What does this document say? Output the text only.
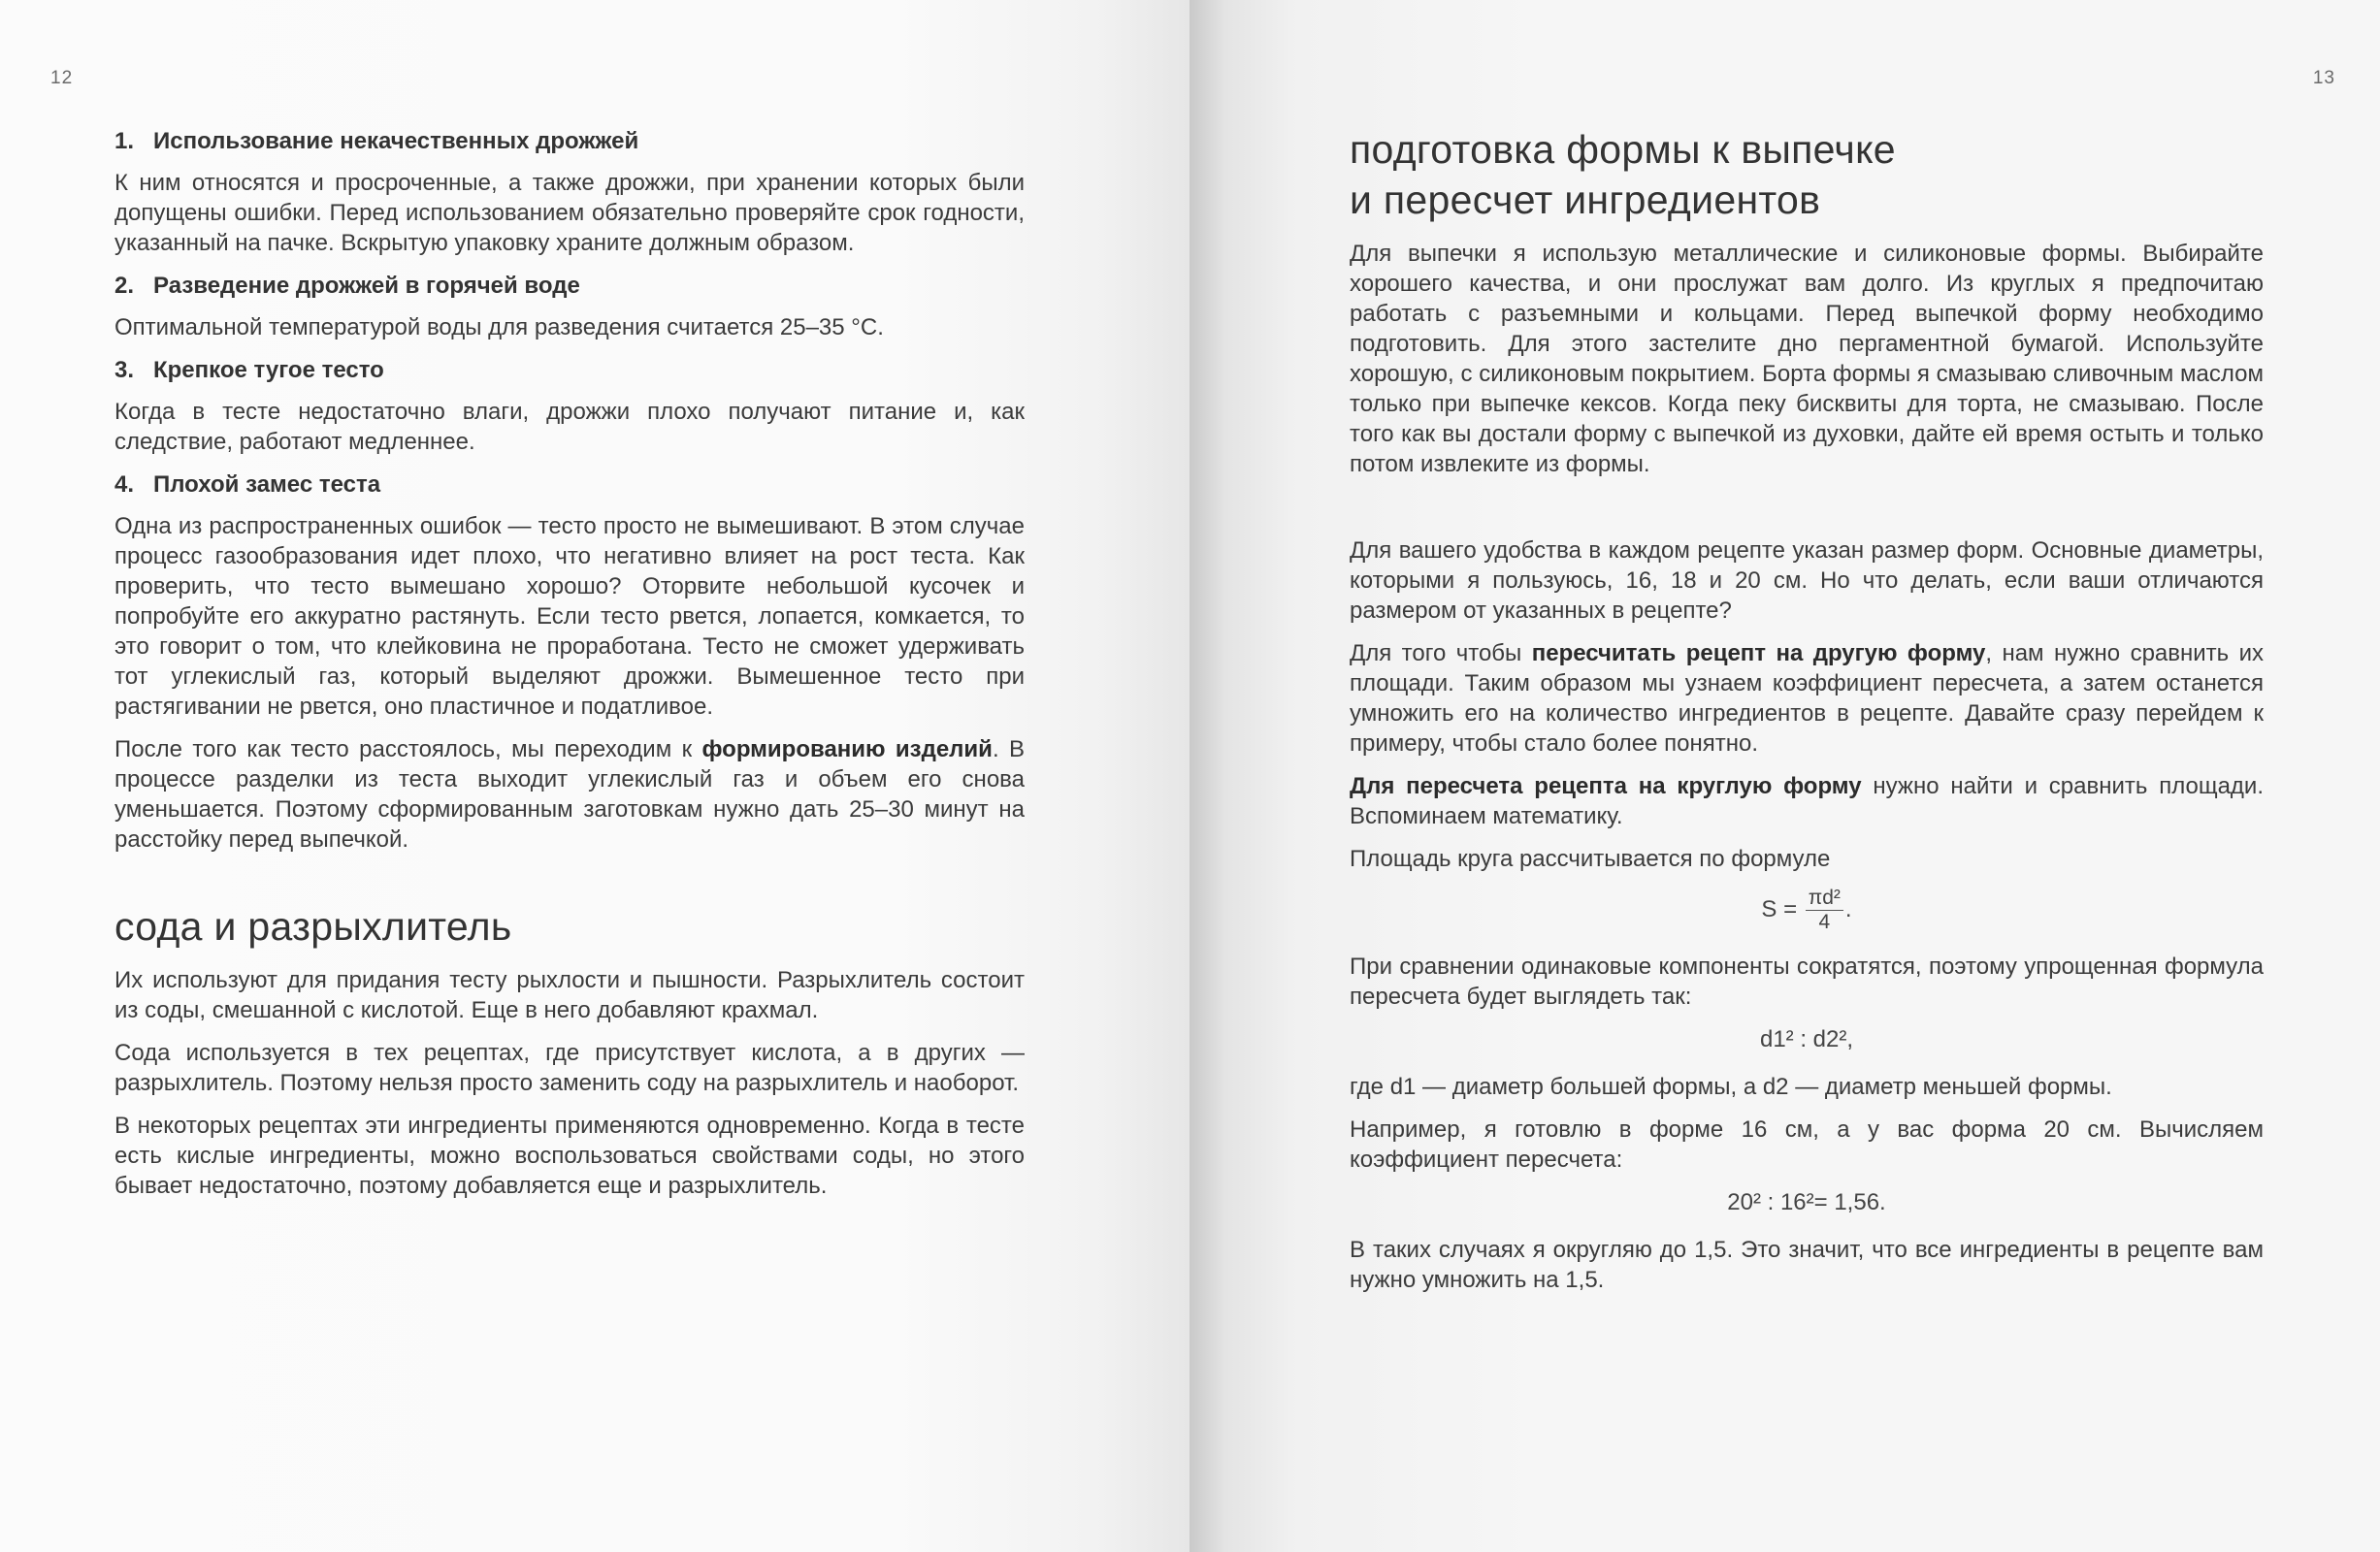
12
1. Использование некачественных дрожжей

К ним относятся и просроченные, а также дрожжи, при хранении которых были допущены ошибки. Перед использованием обязательно проверяйте срок годности, указанный на пачке. Вскрытую упаковку храните должным образом.

2. Разведение дрожжей в горячей воде

Оптимальной температурой воды для разведения считается 25–35 °С.

3. Крепкое тугое тесто

Когда в тесте недостаточно влаги, дрожжи плохо получают питание и, как следствие, работают медленнее.

4. Плохой замес теста

Одна из распространенных ошибок — тесто просто не вымешивают. В этом случае процесс газообразования идет плохо, что негативно влияет на рост теста. Как проверить, что тесто вымешано хорошо? Оторвите небольшой кусочек и попробуйте его аккуратно растянуть. Если тесто рвется, лопается, комкается, то это говорит о том, что клейковина не проработана. Тесто не сможет удерживать тот углекислый газ, который выделяют дрожжи. Вымешенное тесто при растягивании не рвется, оно пластичное и податливое.

После того как тесто расстоялось, мы переходим к формированию изделий. В процессе разделки из теста выходит углекислый газ и объем его снова уменьшается. Поэтому сформированным заготовкам нужно дать 25–30 минут на расстойку перед выпечкой.

сода и разрыхлитель

Их используют для придания тесту рыхлости и пышности. Разрыхлитель состоит из соды, смешанной с кислотой. Еще в него добавляют крахмал.

Сода используется в тех рецептах, где присутствует кислота, а в других — разрыхлитель. Поэтому нельзя просто заменить соду на разрыхлитель и наоборот.

В некоторых рецептах эти ингредиенты применяются одновременно. Когда в тесте есть кислые ингредиенты, можно воспользоваться свойствами соды, но этого бывает недостаточно, поэтому добавляется еще и разрыхлитель.

13
подготовка формы к выпечке
и пересчет ингредиентов

Для выпечки я использую металлические и силиконовые формы. Выбирайте хорошего качества, и они прослужат вам долго. Из круглых я предпочитаю работать с разъемными и кольцами. Перед выпечкой форму необходимо подготовить. Для этого застелите дно пергаментной бумагой. Используйте хорошую, с силиконовым покрытием. Борта формы я смазываю сливочным маслом только при выпечке кексов. Когда пеку бисквиты для торта, не смазываю. После того как вы достали форму с выпечкой из духовки, дайте ей время остыть и только потом извлеките из формы.

Для вашего удобства в каждом рецепте указан размер форм. Основные диаметры, которыми я пользуюсь, 16, 18 и 20 см. Но что делать, если ваши отличаются размером от указанных в рецепте?

Для того чтобы пересчитать рецепт на другую форму, нам нужно сравнить их площади. Таким образом мы узнаем коэффициент пересчета, а затем останется умножить его на количество ингредиентов в рецепте. Давайте сразу перейдем к примеру, чтобы стало более понятно.

Для пересчета рецепта на круглую форму нужно найти и сравнить площади. Вспоминаем математику.

Площадь круга рассчитывается по формуле

$S = \frac{\text{πd²}}{4}$ .

При сравнении одинаковые компоненты сократятся, поэтому упрощенная формула пересчета будет выглядеть так:

d1² : d2²,

где d1 — диаметр большей формы, а d2 — диаметр меньшей формы.

Например, я готовлю в форме 16 см, а у вас форма 20 см. Вычисляем коэффициент пересчета:

20² : 16²= 1,56.

В таких случаях я округляю до 1,5. Это значит, что все ингредиенты в рецепте вам нужно умножить на 1,5.
